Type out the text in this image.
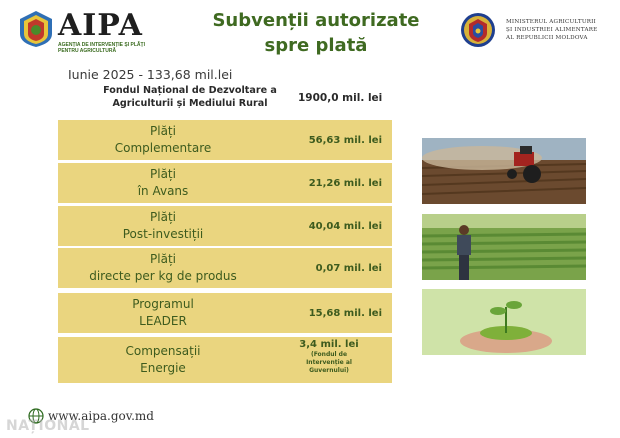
AIPA
AGENȚIA DE INTERVENȚIE ȘI PLĂȚI PENTRU AGRICULTURĂ
Subvenții autorizate
spre plată
MINISTERUL AGRICULTURII
ȘI INDUSTRIEI ALIMENTARE
AL REPUBLICII MOLDOVA
Iunie 2025 - 133,68 mil.lei
Fondul Național de Dezvoltare a
Agriculturii și Mediului Rural	1900,0 mil. lei
Plăți
Complementare
56,63 mil. lei
Plăți
în Avans
21,26 mil. lei
Plăți
Post-investiții
40,04 mil. lei
Plăți
directe per kg de produs
0,07 mil. lei
Programul
LEADER
15,68 mil. lei
Compensații
Energie
3,4 mil. lei
(Fondul de
Intervenție al
Guvernului)
www.aipa.gov.md
NAȚIONAL
